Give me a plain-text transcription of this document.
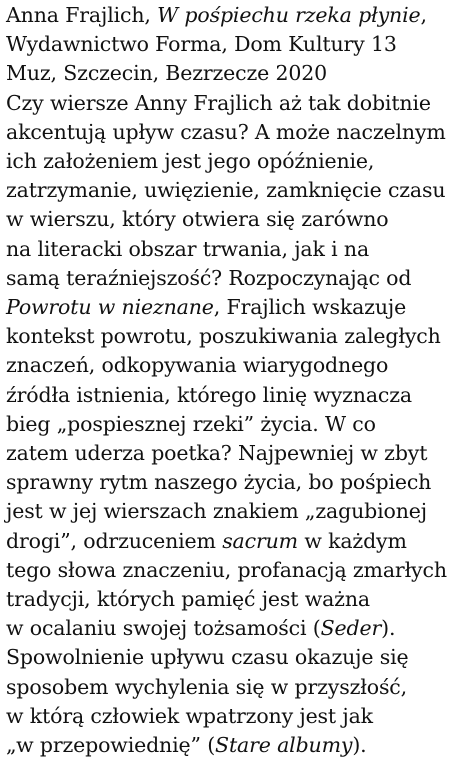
Anna Frajlich, W pośpiechu rzeka płynie,
Wydawnictwo Forma, Dom Kultury 13
Muz, Szczecin, Bezrzecze 2020
Czy wiersze Anny Frajlich aż tak dobitnie
akcentują upływ czasu? A może naczelnym
ich założeniem jest jego opóźnienie,
zatrzymanie, uwięzienie, zamknięcie czasu
w wierszu, który otwiera się zarówno
na literacki obszar trwania, jak i na
samą teraźniejszość? Rozpoczynając od
Powrotu w nieznane, Frajlich wskazuje
kontekst powrotu, poszukiwania zaległych
znaczeń, odkopywania wiarygodnego
źródła istnienia, którego linię wyznacza
bieg „pospiesznej rzeki” życia. W co
zatem uderza poetka? Najpewniej w zbyt
sprawny rytm naszego życia, bo pośpiech
jest w jej wierszach znakiem „zagubionej
drogi”, odrzuceniem sacrum w każdym
tego słowa znaczeniu, profanacją zmarłych
tradycji, których pamięć jest ważna
w ocalaniu swojej tożsamości (Seder).
Spowolnienie upływu czasu okazuje się
sposobem wychylenia się w przyszłość,
w którą człowiek wpatrzony jest jak
„w przepowiednię” (Stare albumy).
